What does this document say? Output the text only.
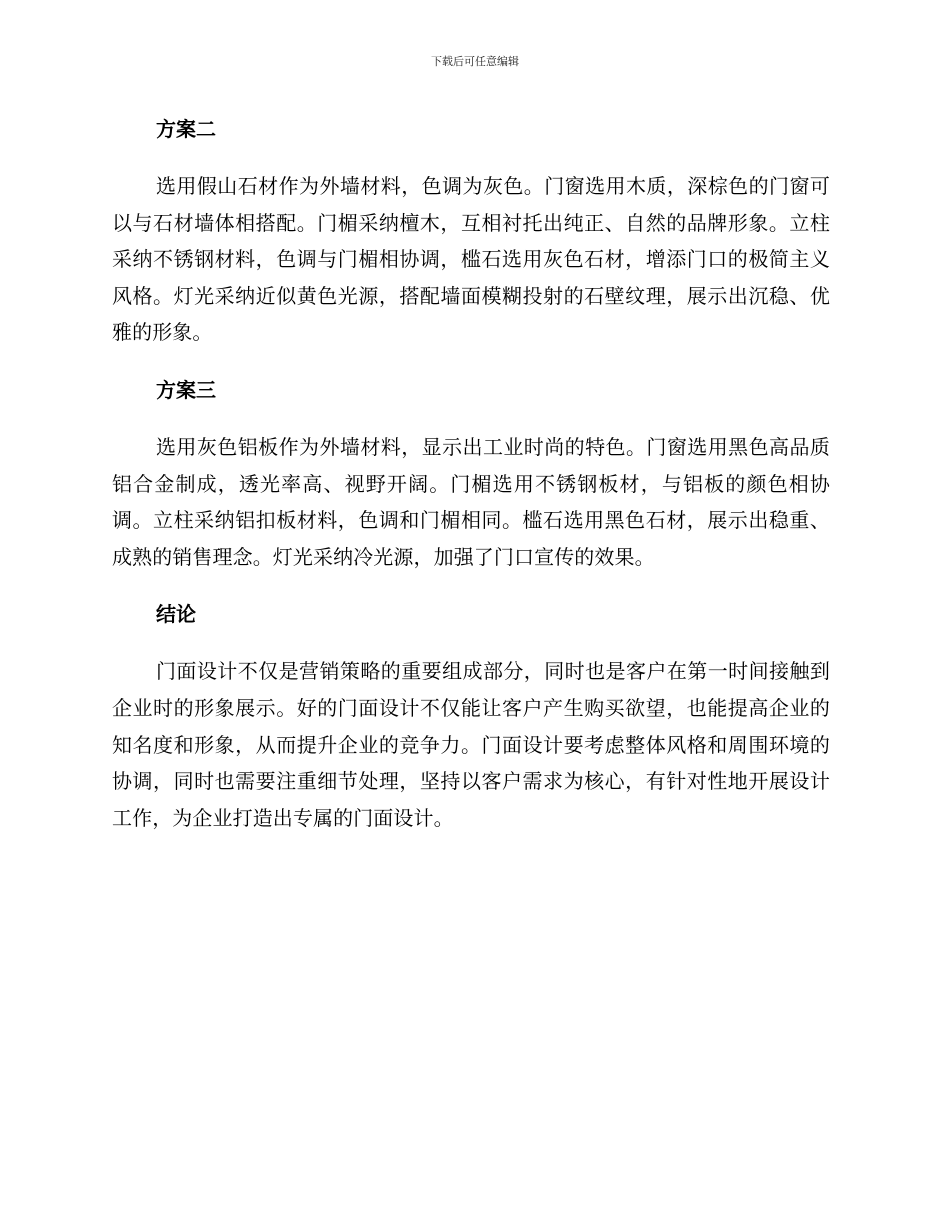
下载后可任意编辑
方案二

选用假山石材作为外墙材料，色调为灰色。门窗选用木质，深棕色的门窗可以与石材墙体相搭配。门楣采纳檀木，互相衬托出纯正、自然的品牌形象。立柱采纳不锈钢材料，色调与门楣相协调，槛石选用灰色石材，增添门口的极简主义风格。灯光采纳近似黄色光源，搭配墙面模糊投射的石壁纹理，展示出沉稳、优雅的形象。

方案三

选用灰色铝板作为外墙材料，显示出工业时尚的特色。门窗选用黑色高品质铝合金制成，透光率高、视野开阔。门楣选用不锈钢板材，与铝板的颜色相协调。立柱采纳铝扣板材料，色调和门楣相同。槛石选用黑色石材，展示出稳重、成熟的销售理念。灯光采纳冷光源，加强了门口宣传的效果。

结论

门面设计不仅是营销策略的重要组成部分，同时也是客户在第一时间接触到企业时的形象展示。好的门面设计不仅能让客户产生购买欲望，也能提高企业的知名度和形象，从而提升企业的竞争力。门面设计要考虑整体风格和周围环境的协调，同时也需要注重细节处理，坚持以客户需求为核心，有针对性地开展设计工作，为企业打造出专属的门面设计。
